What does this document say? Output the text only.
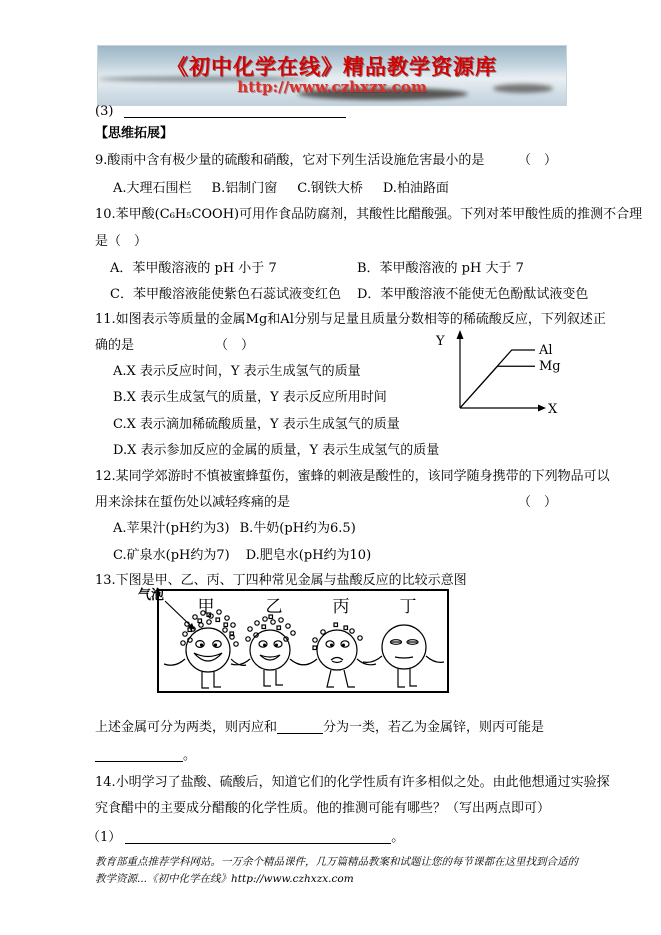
《初中化学在线》精品教学资源库
http://www.czhxzx.com
(3)
【思维拓展】
9.酸雨中含有极少量的硫酸和硝酸，它对下列生活设施危害最小的是	（　）
A.大理石围栏 B.铝制门窗 C.钢铁大桥 D.柏油路面
10.苯甲酸(C₆H₅COOH)可用作食品防腐剂，其酸性比醋酸强。下列对苯甲酸性质的推测不合理
是（　）
A．苯甲酸溶液的 pH 小于 7	B．苯甲酸溶液的 pH 大于 7
C．苯甲酸溶液能使紫色石蕊试液变红色 D．苯甲酸溶液不能使无色酚酞试液变色
11.如图表示等质量的金属Mg和Al分别与足量且质量分数相等的稀硫酸反应，下列叙述正
确的是	（　）	Y
X
Al
Mg
A.X 表示反应时间，Y 表示生成氢气的质量
B.X 表示生成氢气的质量，Y 表示反应所用时间
C.X 表示滴加稀硫酸质量，Y 表示生成氢气的质量
D.X 表示参加反应的金属的质量，Y 表示生成氢气的质量
12.某同学郊游时不慎被蜜蜂蜇伤，蜜蜂的刺液是酸性的，该同学随身携带的下列物品可以
用来涂抹在蜇伤处以减轻疼痛的是	（　）
A.苹果汁(pH约为3) B.牛奶(pH约为6.5)
C.矿泉水(pH约为7) D.肥皂水(pH约为10)
13.下图是甲、乙、丙、丁四种常见金属与盐酸反应的比较示意图
气泡
甲	乙	丙	丁
上述金属可分为两类，则丙应和	分为一类，若乙为金属锌，则丙可能是
。
14.小明学习了盐酸、硫酸后，知道它们的化学性质有许多相似之处。由此他想通过实验探
究食醋中的主要成分醋酸的化学性质。他的推测可能有哪些？（写出两点即可）
（1）	。
教育部重点推荐学科网站。一万余个精品课件，几万篇精品教案和试题让您的每节课都在这里找到合适的
教学资源...《初中化学在线》http://www.czhxzx.com
